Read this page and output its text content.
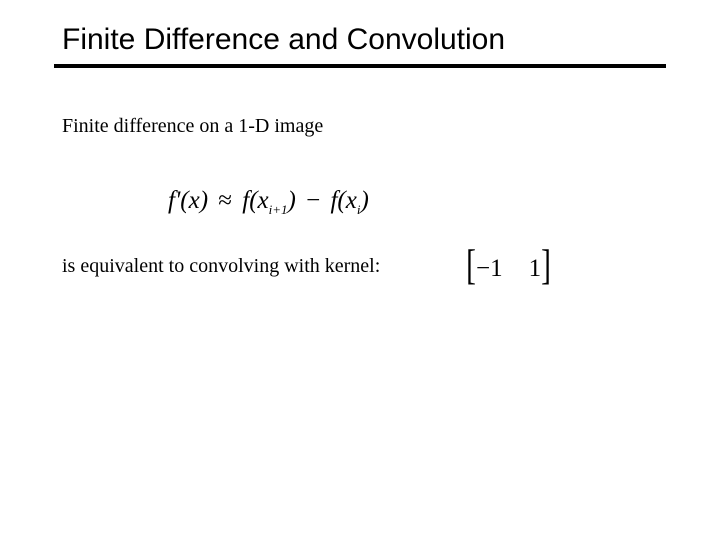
Finite Difference and Convolution
Finite difference on a 1-D image
$f'(x) \approx f(x_{i+1}) - f(x_i)$
is equivalent to convolving with kernel: [−1 1]
